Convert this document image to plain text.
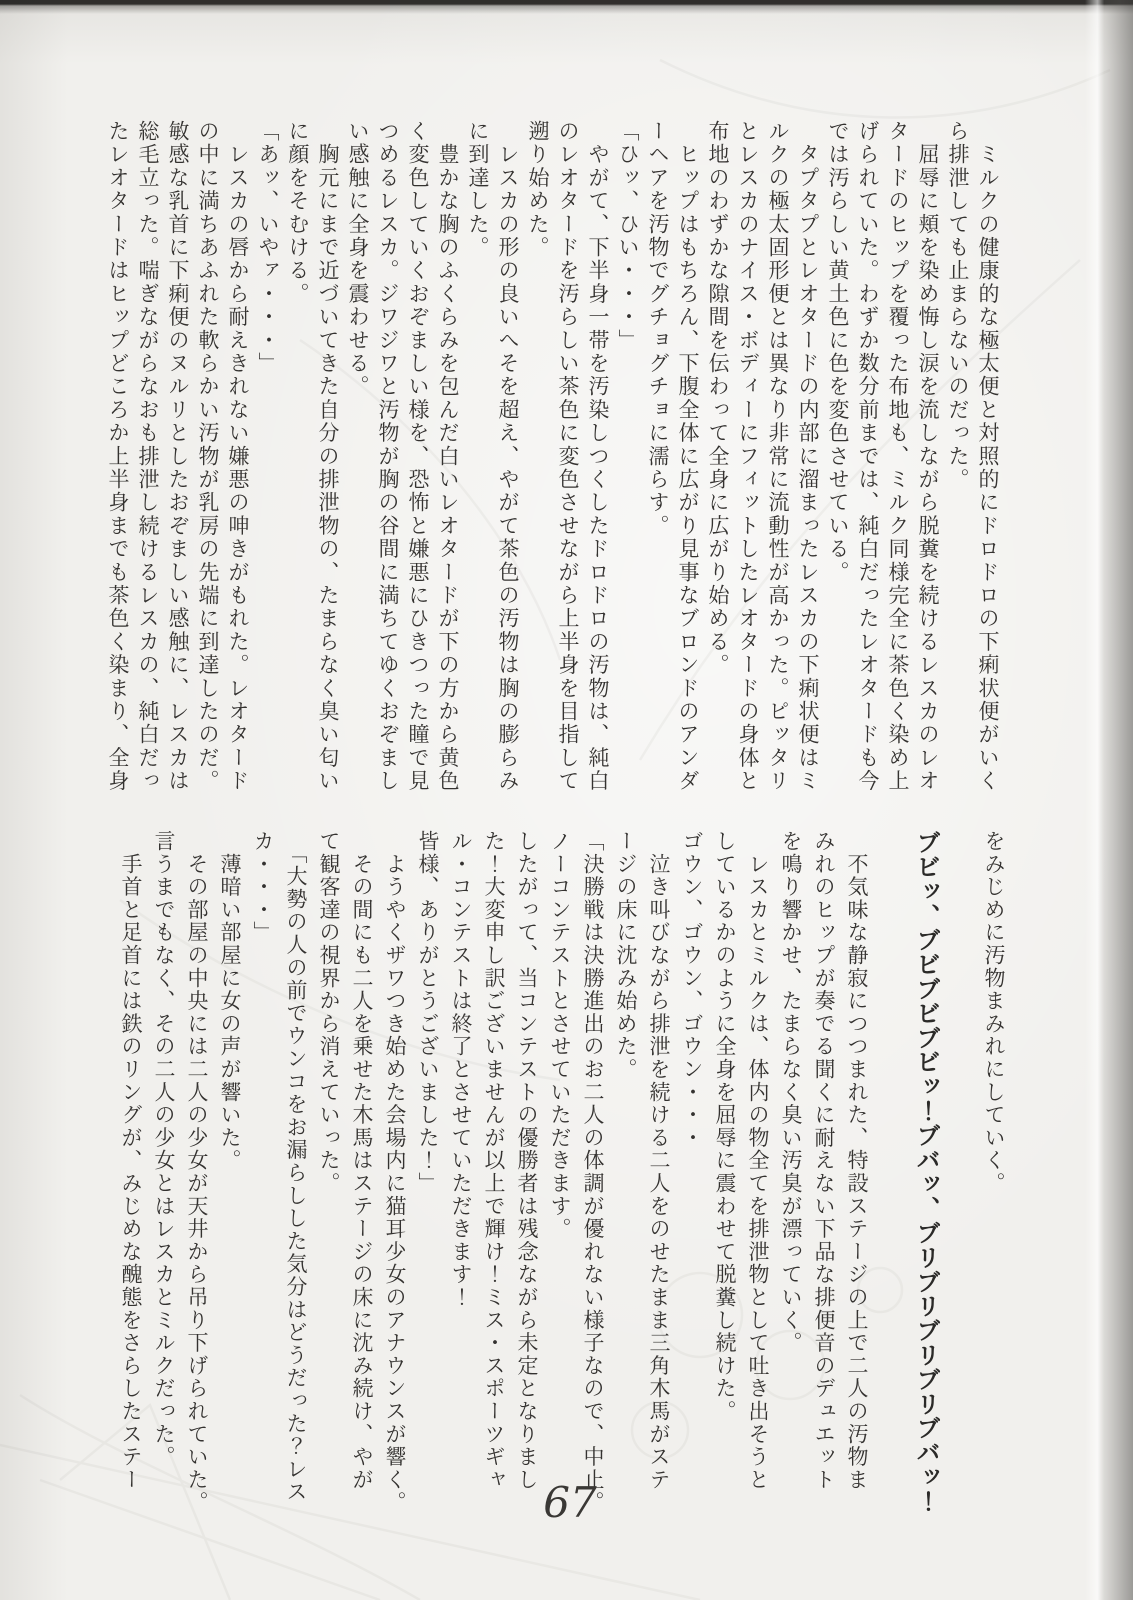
　ミルクの健康的な極太便と対照的にドロドロの下痢状便がいく
ら排泄しても止まらないのだった。
　屈辱に頬を染め悔し涙を流しながら脱糞を続けるレスカのレオ
タードのヒップを覆った布地も、ミルク同様完全に茶色く染め上
げられていた。わずか数分前までは、純白だったレオタードも今
では汚らしい黄土色に色を変色させている。
　タプタプとレオタードの内部に溜まったレスカの下痢状便はミ
ルクの極太固形便とは異なり非常に流動性が高かった。ピッタリ
とレスカのナイス・ボディーにフィットしたレオタードの身体と
布地のわずかな隙間を伝わって全身に広がり始める。
　ヒップはもちろん、下腹全体に広がり見事なブロンドのアンダ
ーヘアを汚物でグチョグチョに濡らす。
「ひッ、ひい・・・」
　やがて、下半身一帯を汚染しつくしたドロドロの汚物は、純白
のレオタードを汚らしい茶色に変色させながら上半身を目指して
遡り始めた。
　レスカの形の良いへそを超え、やがて茶色の汚物は胸の膨らみ
に到達した。
　豊かな胸のふくらみを包んだ白いレオタードが下の方から黄色
く変色していくおぞましい様を、恐怖と嫌悪にひきつった瞳で見
つめるレスカ。ジワジワと汚物が胸の谷間に満ちてゆくおぞまし
い感触に全身を震わせる。
　胸元にまで近づいてきた自分の排泄物の、たまらなく臭い匂い
に顔をそむける。
「あッ、いやァ・・・」
　レスカの唇から耐えきれない嫌悪の呻きがもれた。レオタード
の中に満ちあふれた軟らかい汚物が乳房の先端に到達したのだ。
敏感な乳首に下痢便のヌルリとしたおぞましい感触に、レスカは
総毛立った。喘ぎながらなおも排泄し続けるレスカの、純白だっ
たレオタードはヒップどころか上半身までも茶色く染まり、全身
をみじめに汚物まみれにしていく。
ブビッ、ブビブビブビッ！ブバッ、ブリブリブリブリブバッ！
　不気味な静寂につつまれた、特設ステージの上で二人の汚物ま
みれのヒップが奏でる聞くに耐えない下品な排便音のデュエット
を鳴り響かせ、たまらなく臭い汚臭が漂っていく。
　レスカとミルクは、体内の物全てを排泄物として吐き出そうと
しているかのように全身を屈辱に震わせて脱糞し続けた。
ゴウン、ゴウン、ゴウン・・・
　泣き叫びながら排泄を続ける二人をのせたまま三角木馬がステ
ージの床に沈み始めた。
「決勝戦は決勝進出のお二人の体調が優れない様子なので、中止。
ノーコンテストとさせていただきます。
したがって、当コンテストの優勝者は残念ながら未定となりまし
た！大変申し訳ございませんが以上で輝け！ミス・スポーツギャ
ル・コンテストは終了とさせていただきます！
皆様、ありがとうございました！」
　ようやくザワつき始めた会場内に猫耳少女のアナウンスが響く。
　その間にも二人を乗せた木馬はステージの床に沈み続け、やが
て観客達の視界から消えていった。
　「大勢の人の前でウンコをお漏らしした気分はどうだった？レス
カ・・・」
　薄暗い部屋に女の声が響いた。
　その部屋の中央には二人の少女が天井から吊り下げられていた。
言うまでもなく、その二人の少女とはレスカとミルクだった。
　手首と足首には鉄のリングが、みじめな醜態をさらしたステー
67
